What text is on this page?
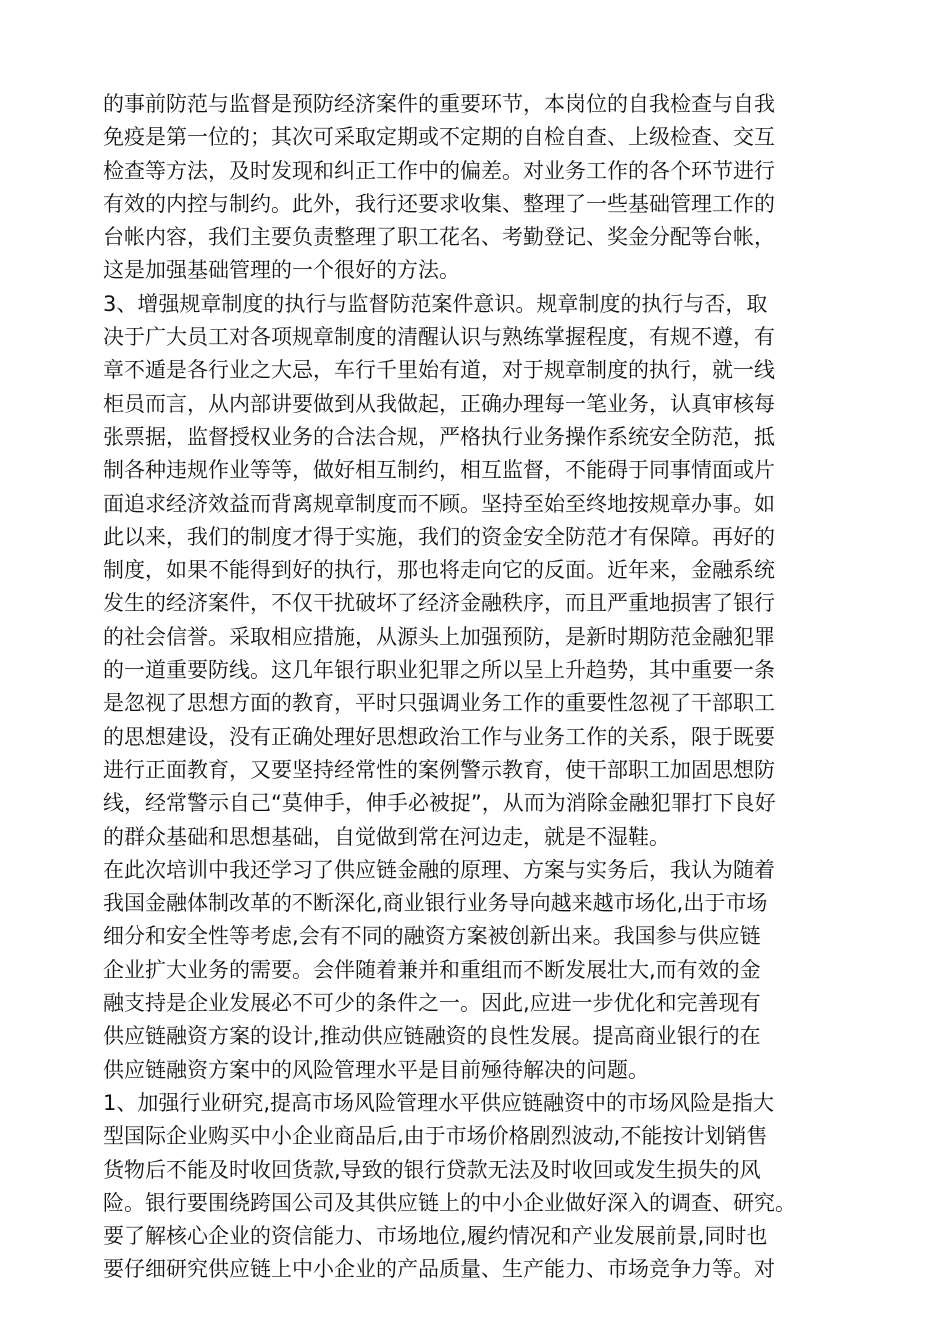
的事前防范与监督是预防经济案件的重要环节，本岗位的自我检查与自我
免疫是第一位的；其次可采取定期或不定期的自检自查、上级检查、交互
检查等方法，及时发现和纠正工作中的偏差。对业务工作的各个环节进行
有效的内控与制约。此外，我行还要求收集、整理了一些基础管理工作的
台帐内容，我们主要负责整理了职工花名、考勤登记、奖金分配等台帐，
这是加强基础管理的一个很好的方法。
3、增强规章制度的执行与监督防范案件意识。规章制度的执行与否，取
决于广大员工对各项规章制度的清醒认识与熟练掌握程度，有规不遵，有
章不遁是各行业之大忌，车行千里始有道，对于规章制度的执行，就一线
柜员而言，从内部讲要做到从我做起，正确办理每一笔业务，认真审核每
张票据，监督授权业务的合法合规，严格执行业务操作系统安全防范，抵
制各种违规作业等等，做好相互制约，相互监督，不能碍于同事情面或片
面追求经济效益而背离规章制度而不顾。坚持至始至终地按规章办事。如
此以来，我们的制度才得于实施，我们的资金安全防范才有保障。再好的
制度，如果不能得到好的执行，那也将走向它的反面。近年来，金融系统
发生的经济案件，不仅干扰破坏了经济金融秩序，而且严重地损害了银行
的社会信誉。采取相应措施，从源头上加强预防，是新时期防范金融犯罪
的一道重要防线。这几年银行职业犯罪之所以呈上升趋势，其中重要一条
是忽视了思想方面的教育，平时只强调业务工作的重要性忽视了干部职工
的思想建设，没有正确处理好思想政治工作与业务工作的关系，限于既要
进行正面教育，又要坚持经常性的案例警示教育，使干部职工加固思想防
线，经常警示自己“莫伸手，伸手必被捉”，从而为消除金融犯罪打下良好
的群众基础和思想基础，自觉做到常在河边走，就是不湿鞋。
在此次培训中我还学习了供应链金融的原理、方案与实务后，我认为随着
我国金融体制改革的不断深化,商业银行业务导向越来越市场化,出于市场
细分和安全性等考虑,会有不同的融资方案被创新出来。我国参与供应链
企业扩大业务的需要。会伴随着兼并和重组而不断发展壮大,而有效的金
融支持是企业发展必不可少的条件之一。因此,应进一步优化和完善现有
供应链融资方案的设计,推动供应链融资的良性发展。提高商业银行的在
供应链融资方案中的风险管理水平是目前殛待解决的问题。
1、加强行业研究,提高市场风险管理水平供应链融资中的市场风险是指大
型国际企业购买中小企业商品后,由于市场价格剧烈波动,不能按计划销售
货物后不能及时收回货款,导致的银行贷款无法及时收回或发生损失的风
险。银行要围绕跨国公司及其供应链上的中小企业做好深入的调查、研究。
要了解核心企业的资信能力、市场地位,履约情况和产业发展前景,同时也
要仔细研究供应链上中小企业的产品质量、生产能力、市场竞争力等。对
